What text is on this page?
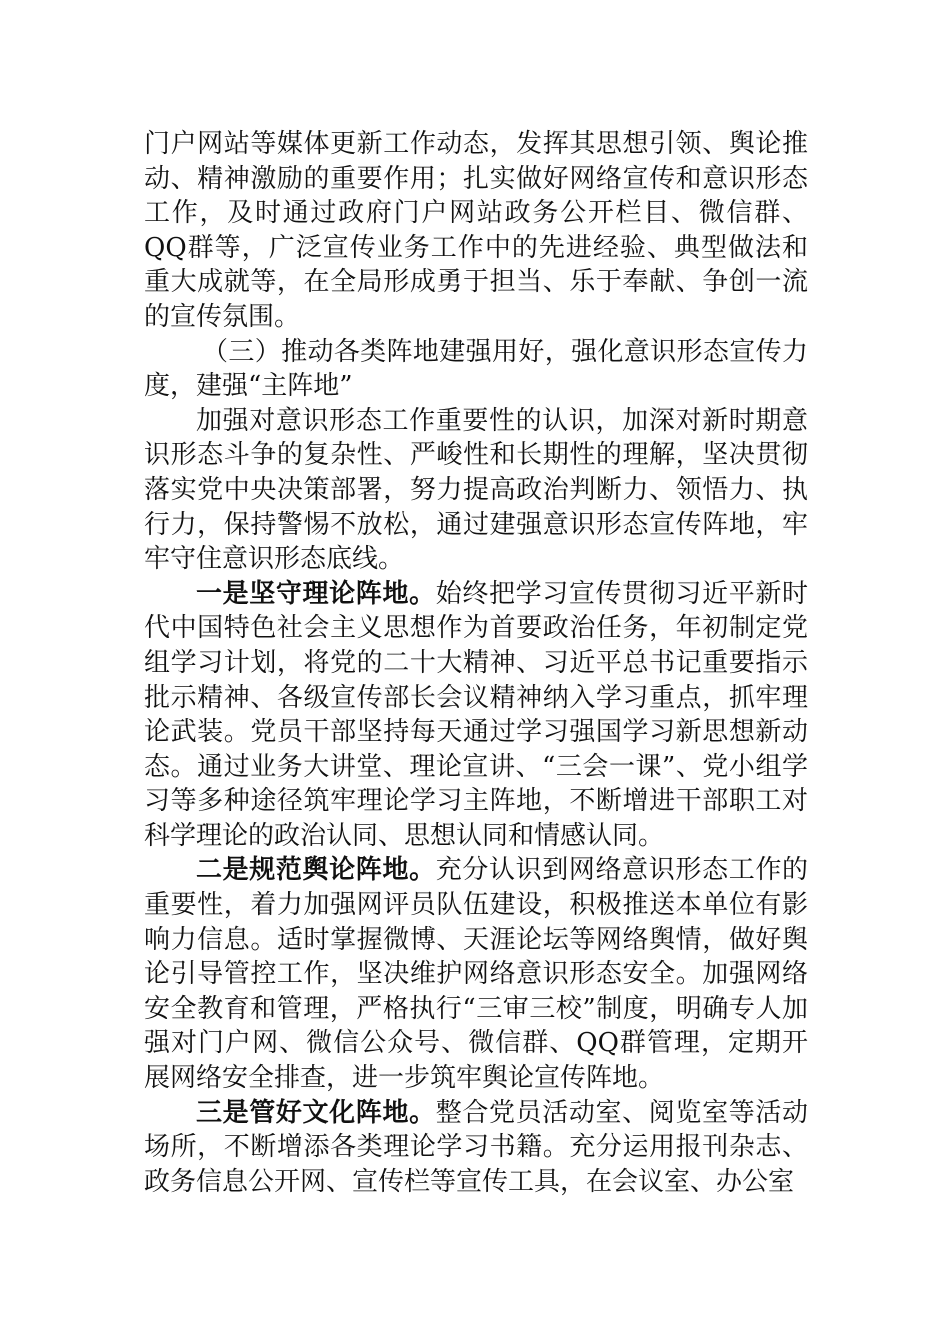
门户网站等媒体更新工作动态，发挥其思想引领、舆论推动、精神激励的重要作用；扎实做好网络宣传和意识形态工作，及时通过政府门户网站政务公开栏目、微信群、QQ群等，广泛宣传业务工作中的先进经验、典型做法和重大成就等，在全局形成勇于担当、乐于奉献、争创一流的宣传氛围。

（三）推动各类阵地建强用好，强化意识形态宣传力度，建强“主阵地”

加强对意识形态工作重要性的认识，加深对新时期意识形态斗争的复杂性、严峻性和长期性的理解，坚决贯彻落实党中央决策部署，努力提高政治判断力、领悟力、执行力，保持警惕不放松，通过建强意识形态宣传阵地，牢牢守住意识形态底线。

一是坚守理论阵地。始终把学习宣传贯彻习近平新时代中国特色社会主义思想作为首要政治任务，年初制定党组学习计划，将党的二十大精神、习近平总书记重要指示批示精神、各级宣传部长会议精神纳入学习重点，抓牢理论武装。党员干部坚持每天通过学习强国学习新思想新动态。通过业务大讲堂、理论宣讲、“三会一课”、党小组学习等多种途径筑牢理论学习主阵地，不断增进干部职工对科学理论的政治认同、思想认同和情感认同。

二是规范舆论阵地。充分认识到网络意识形态工作的重要性，着力加强网评员队伍建设，积极推送本单位有影响力信息。适时掌握微博、天涯论坛等网络舆情，做好舆论引导管控工作，坚决维护网络意识形态安全。加强网络安全教育和管理，严格执行“三审三校”制度，明确专人加强对门户网、微信公众号、微信群、QQ群管理，定期开展网络安全排查，进一步筑牢舆论宣传阵地。

三是管好文化阵地。整合党员活动室、阅览室等活动场所，不断增添各类理论学习书籍。充分运用报刊杂志、政务信息公开网、宣传栏等宣传工具，在会议室、办公室
